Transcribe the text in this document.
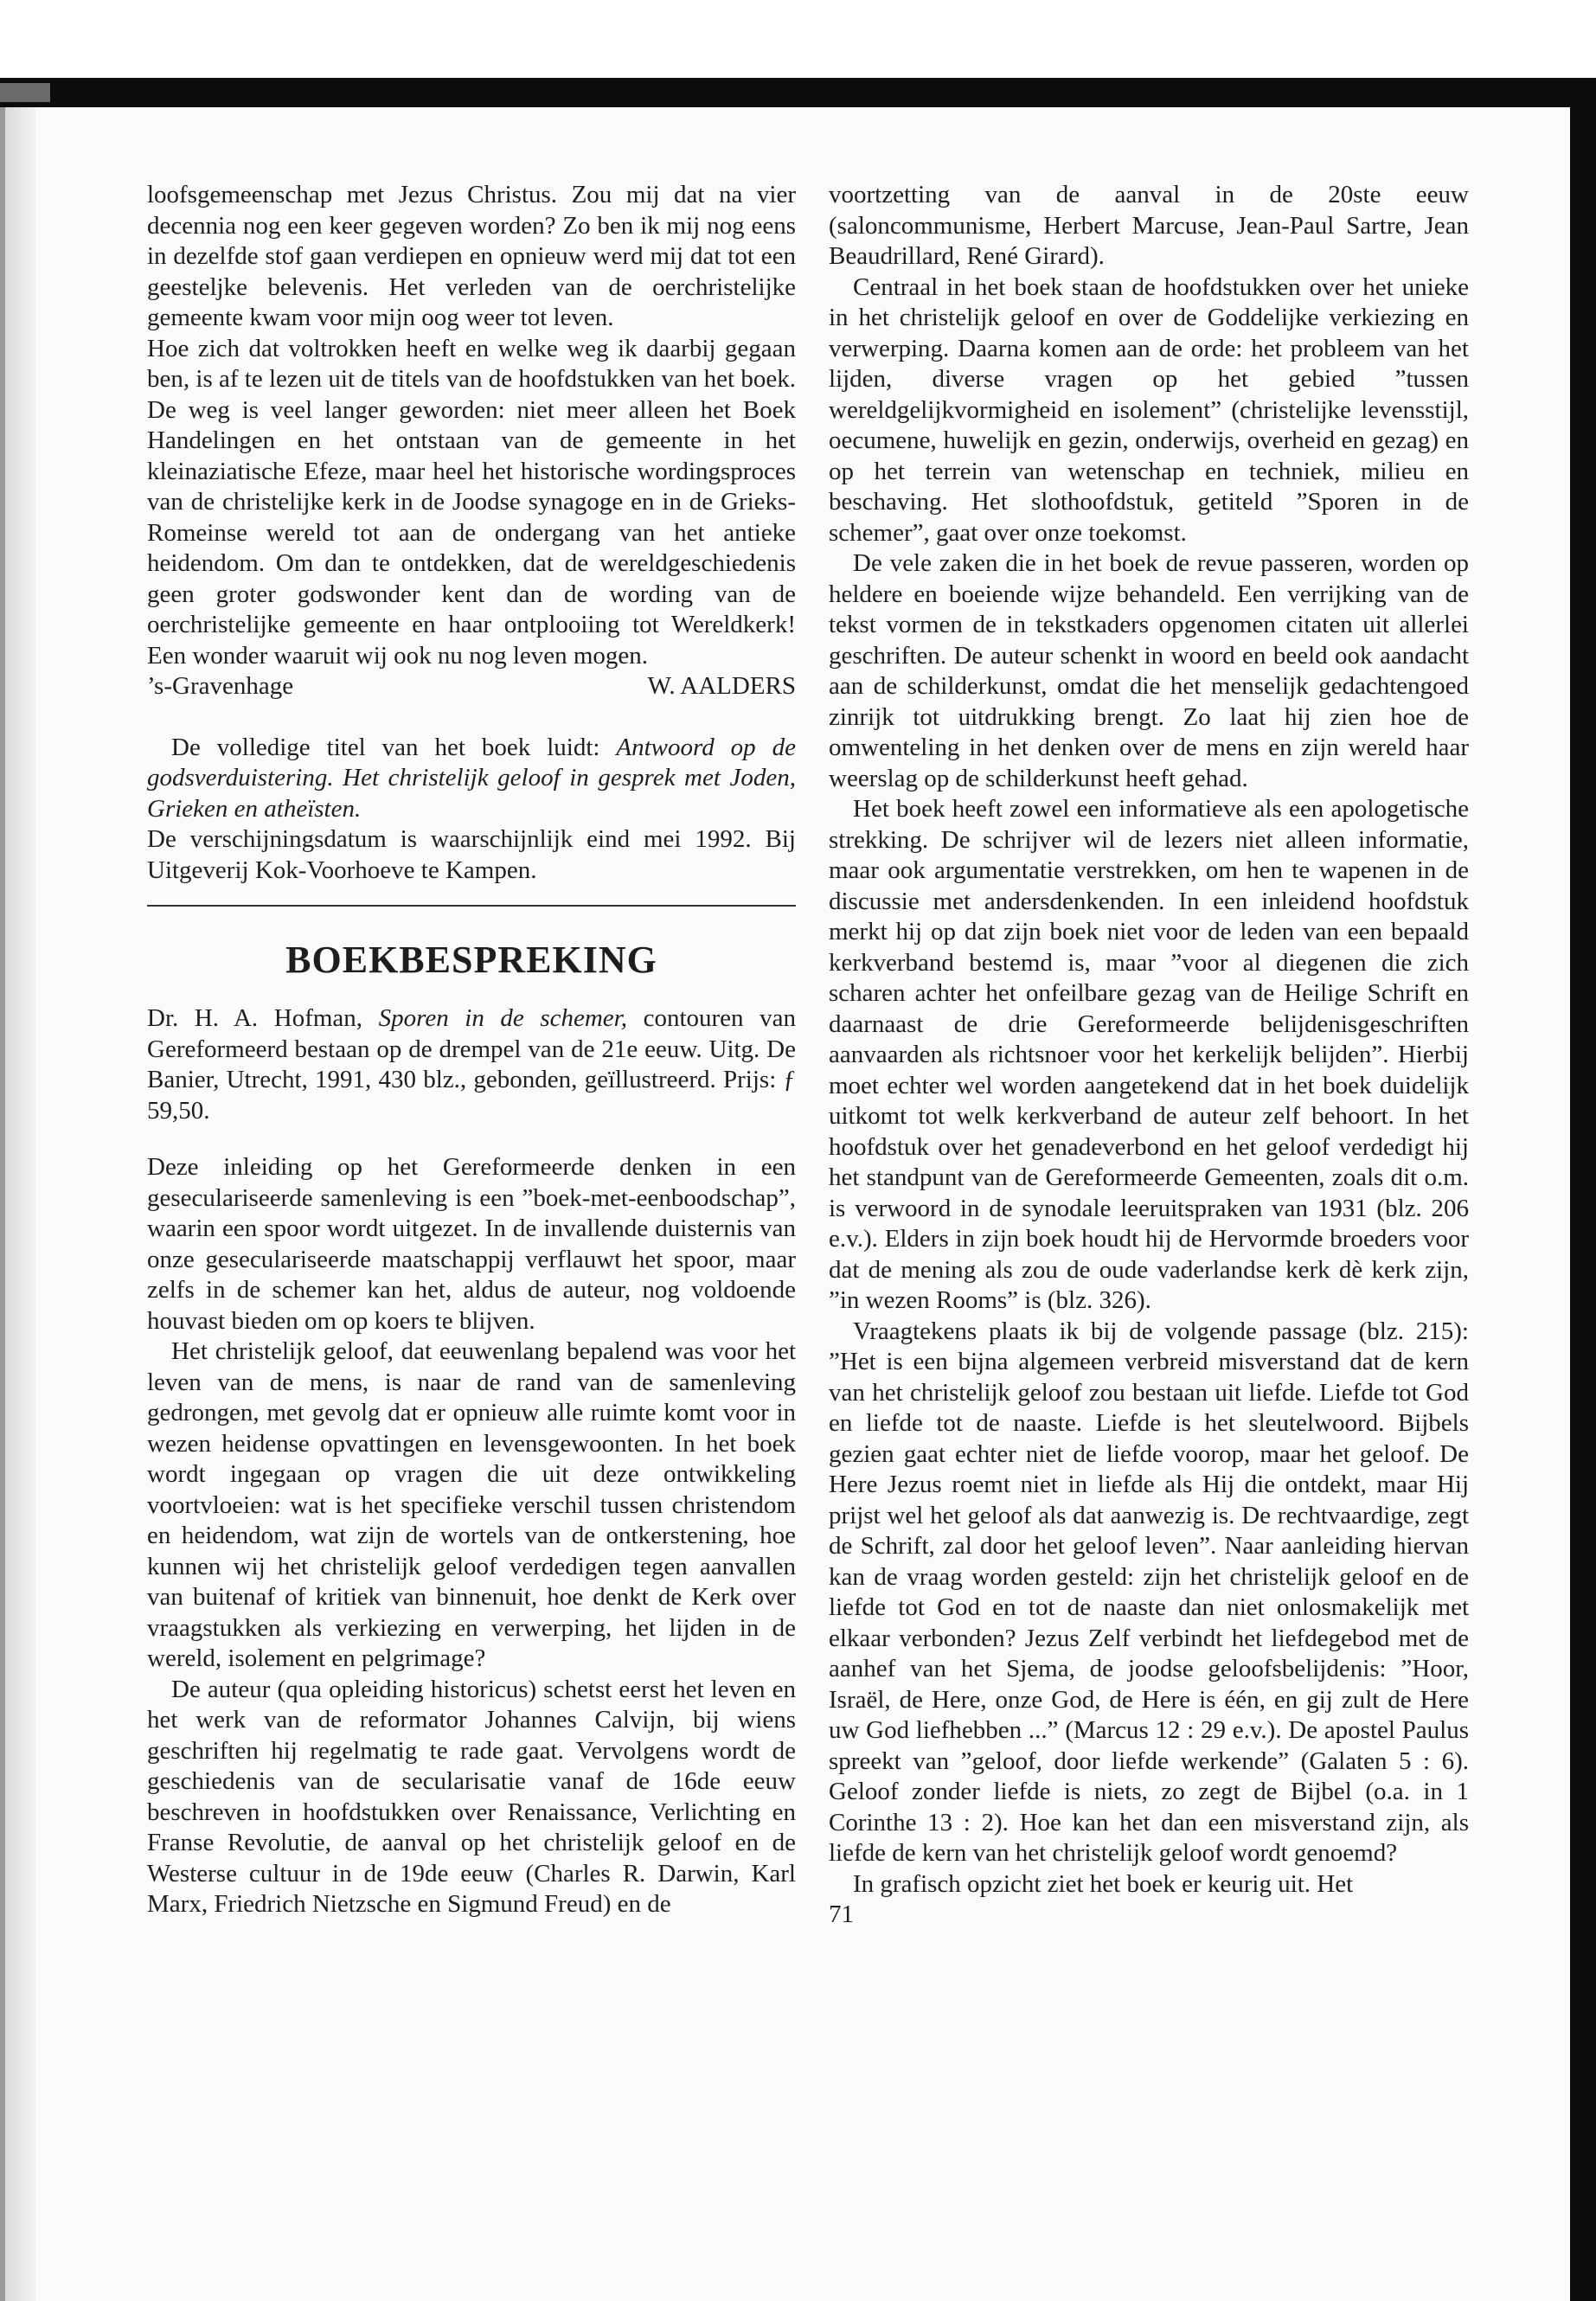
loofsgemeenschap met Jezus Christus. Zou mij dat na vier decennia nog een keer gegeven worden? Zo ben ik mij nog eens in dezelfde stof gaan verdiepen en opnieuw werd mij dat tot een geesteljke belevenis. Het verleden van de oerchristelijke gemeente kwam voor mijn oog weer tot leven.

Hoe zich dat voltrokken heeft en welke weg ik daarbij gegaan ben, is af te lezen uit de titels van de hoofdstukken van het boek. De weg is veel langer geworden: niet meer alleen het Boek Handelingen en het ontstaan van de gemeente in het kleinaziatische Efeze, maar heel het historische wordingsproces van de christelijke kerk in de Joodse synagoge en in de Grieks-Romeinse wereld tot aan de ondergang van het antieke heidendom. Om dan te ontdekken, dat de wereldgeschiedenis geen groter godswonder kent dan de wording van de oerchristelijke gemeente en haar ontplooiing tot Wereldkerk! Een wonder waaruit wij ook nu nog leven mogen.

’s-Gravenhage	W. AALDERS

De volledige titel van het boek luidt: Antwoord op de godsverduistering. Het christelijk geloof in gesprek met Joden, Grieken en atheïsten.

De verschijningsdatum is waarschijnlijk eind mei 1992. Bij Uitgeverij Kok-Voorhoeve te Kampen.

BOEKBESPREKING

Dr. H. A. Hofman, Sporen in de schemer, contouren van Gereformeerd bestaan op de drempel van de 21e eeuw. Uitg. De Banier, Utrecht, 1991, 430 blz., gebonden, geïllustreerd. Prijs: ƒ 59,50.

Deze inleiding op het Gereformeerde denken in een geseculariseerde samenleving is een ”boek-met-eenboodschap”, waarin een spoor wordt uitgezet. In de invallende duisternis van onze geseculariseerde maatschappij verflauwt het spoor, maar zelfs in de schemer kan het, aldus de auteur, nog voldoende houvast bieden om op koers te blijven.

Het christelijk geloof, dat eeuwenlang bepalend was voor het leven van de mens, is naar de rand van de samenleving gedrongen, met gevolg dat er opnieuw alle ruimte komt voor in wezen heidense opvattingen en levensgewoonten. In het boek wordt ingegaan op vragen die uit deze ontwikkeling voortvloeien: wat is het specifieke verschil tussen christendom en heidendom, wat zijn de wortels van de ontkerstening, hoe kunnen wij het christelijk geloof verdedigen tegen aanvallen van buitenaf of kritiek van binnenuit, hoe denkt de Kerk over vraagstukken als verkiezing en verwerping, het lijden in de wereld, isolement en pelgrimage?

De auteur (qua opleiding historicus) schetst eerst het leven en het werk van de reformator Johannes Calvijn, bij wiens geschriften hij regelmatig te rade gaat. Vervolgens wordt de geschiedenis van de secularisatie vanaf de 16de eeuw beschreven in hoofdstukken over Renaissance, Verlichting en Franse Revolutie, de aanval op het christelijk geloof en de Westerse cultuur in de 19de eeuw (Charles R. Darwin, Karl Marx, Friedrich Nietzsche en Sigmund Freud) en de

voortzetting van de aanval in de 20ste eeuw (saloncommunisme, Herbert Marcuse, Jean-Paul Sartre, Jean Beaudrillard, René Girard).

Centraal in het boek staan de hoofdstukken over het unieke in het christelijk geloof en over de Goddelijke verkiezing en verwerping. Daarna komen aan de orde: het probleem van het lijden, diverse vragen op het gebied ”tussen wereldgelijkvormigheid en isolement” (christelijke levensstijl, oecumene, huwelijk en gezin, onderwijs, overheid en gezag) en op het terrein van wetenschap en techniek, milieu en beschaving. Het slothoofdstuk, getiteld ”Sporen in de schemer”, gaat over onze toekomst.

De vele zaken die in het boek de revue passeren, worden op heldere en boeiende wijze behandeld. Een verrijking van de tekst vormen de in tekstkaders opgenomen citaten uit allerlei geschriften. De auteur schenkt in woord en beeld ook aandacht aan de schilderkunst, omdat die het menselijk gedachtengoed zinrijk tot uitdrukking brengt. Zo laat hij zien hoe de omwenteling in het denken over de mens en zijn wereld haar weerslag op de schilderkunst heeft gehad.

Het boek heeft zowel een informatieve als een apologetische strekking. De schrijver wil de lezers niet alleen informatie, maar ook argumentatie verstrekken, om hen te wapenen in de discussie met andersdenkenden. In een inleidend hoofdstuk merkt hij op dat zijn boek niet voor de leden van een bepaald kerkverband bestemd is, maar ”voor al diegenen die zich scharen achter het onfeilbare gezag van de Heilige Schrift en daarnaast de drie Gereformeerde belijdenisgeschriften aanvaarden als richtsnoer voor het kerkelijk belijden”. Hierbij moet echter wel worden aangetekend dat in het boek duidelijk uitkomt tot welk kerkverband de auteur zelf behoort. In het hoofdstuk over het genadeverbond en het geloof verdedigt hij het standpunt van de Gereformeerde Gemeenten, zoals dit o.m. is verwoord in de synodale leeruitspraken van 1931 (blz. 206 e.v.). Elders in zijn boek houdt hij de Hervormde broeders voor dat de mening als zou de oude vaderlandse kerk dè kerk zijn, ”in wezen Rooms” is (blz. 326).

Vraagtekens plaats ik bij de volgende passage (blz. 215): ”Het is een bijna algemeen verbreid misverstand dat de kern van het christelijk geloof zou bestaan uit liefde. Liefde tot God en liefde tot de naaste. Liefde is het sleutelwoord. Bijbels gezien gaat echter niet de liefde voorop, maar het geloof. De Here Jezus roemt niet in liefde als Hij die ontdekt, maar Hij prijst wel het geloof als dat aanwezig is. De rechtvaardige, zegt de Schrift, zal door het geloof leven”. Naar aanleiding hiervan kan de vraag worden gesteld: zijn het christelijk geloof en de liefde tot God en tot de naaste dan niet onlosmakelijk met elkaar verbonden? Jezus Zelf verbindt het liefdegebod met de aanhef van het Sjema, de joodse geloofsbelijdenis: ”Hoor, Israël, de Here, onze God, de Here is één, en gij zult de Here uw God liefhebben ...” (Marcus 12 : 29 e.v.). De apostel Paulus spreekt van ”geloof, door liefde werkende” (Galaten 5 : 6). Geloof zonder liefde is niets, zo zegt de Bijbel (o.a. in 1 Corinthe 13 : 2). Hoe kan het dan een misverstand zijn, als liefde de kern van het christelijk geloof wordt genoemd?

In grafisch opzicht ziet het boek er keurig uit. Het

71
